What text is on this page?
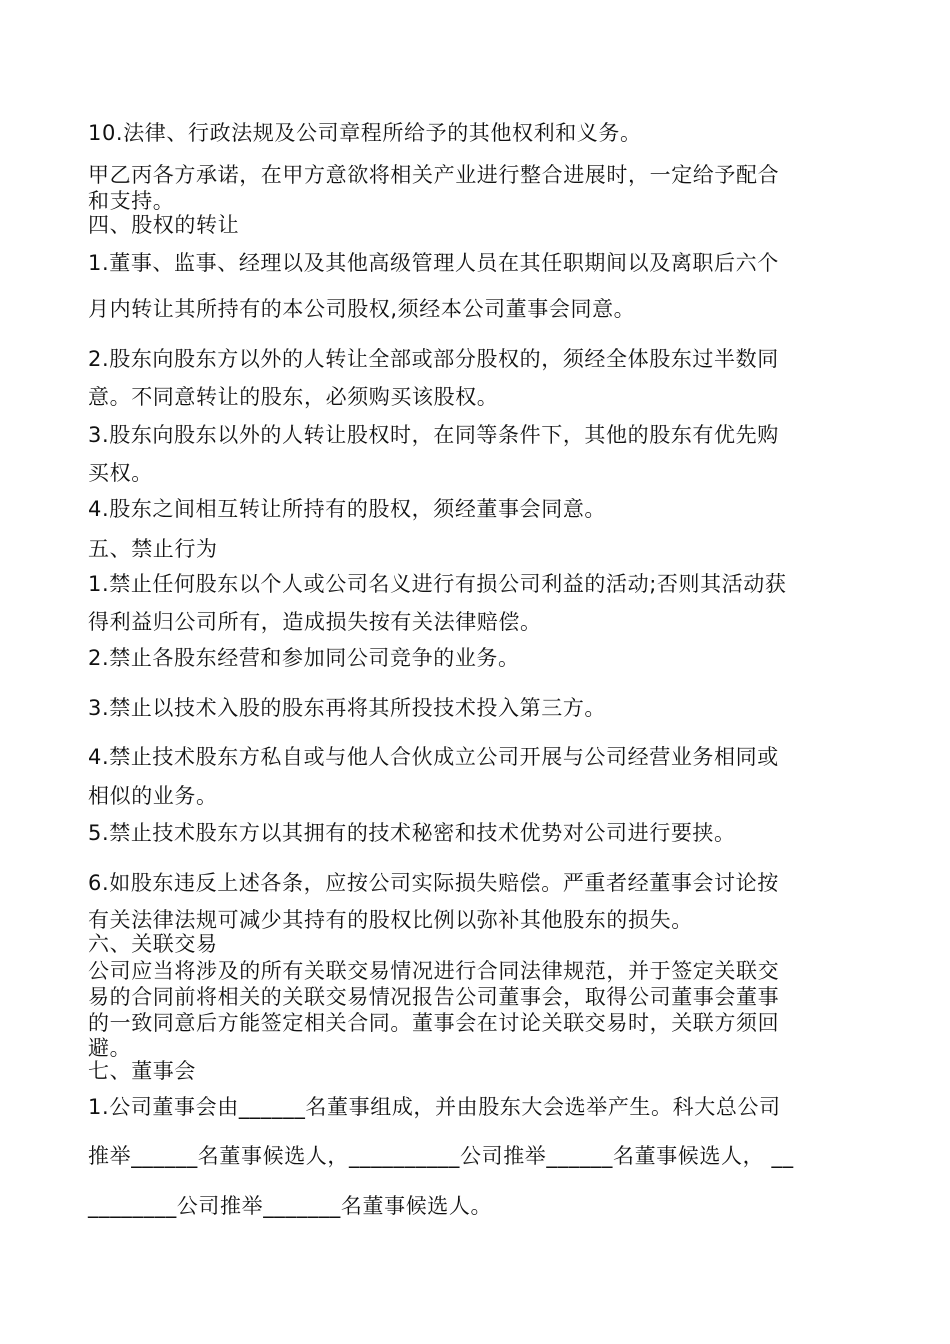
10.法律、行政法规及公司章程所给予的其他权利和义务。
甲乙丙各方承诺，在甲方意欲将相关产业进行整合进展时，一定给予配合
和支持。
四、股权的转让
1.董事、监事、经理以及其他高级管理人员在其任职期间以及离职后六个
月内转让其所持有的本公司股权,须经本公司董事会同意。
2.股东向股东方以外的人转让全部或部分股权的，须经全体股东过半数同
意。不同意转让的股东，必须购买该股权。
3.股东向股东以外的人转让股权时，在同等条件下，其他的股东有优先购
买权。
4.股东之间相互转让所持有的股权，须经董事会同意。
五、禁止行为
1.禁止任何股东以个人或公司名义进行有损公司利益的活动;否则其活动获
得利益归公司所有，造成损失按有关法律赔偿。
2.禁止各股东经营和参加同公司竞争的业务。
3.禁止以技术入股的股东再将其所投技术投入第三方。
4.禁止技术股东方私自或与他人合伙成立公司开展与公司经营业务相同或
相似的业务。
5.禁止技术股东方以其拥有的技术秘密和技术优势对公司进行要挟。
6.如股东违反上述各条，应按公司实际损失赔偿。严重者经董事会讨论按
有关法律法规可减少其持有的股权比例以弥补其他股东的损失。
六、关联交易
公司应当将涉及的所有关联交易情况进行合同法律规范，并于签定关联交
易的合同前将相关的关联交易情况报告公司董事会，取得公司董事会董事
的一致同意后方能签定相关合同。董事会在讨论关联交易时，关联方须回
避。
七、董事会
1.公司董事会由______名董事组成，并由股东大会选举产生。科大总公司
推举______名董事候选人，__________公司推举______名董事候选人， __
________公司推举_______名董事候选人。
